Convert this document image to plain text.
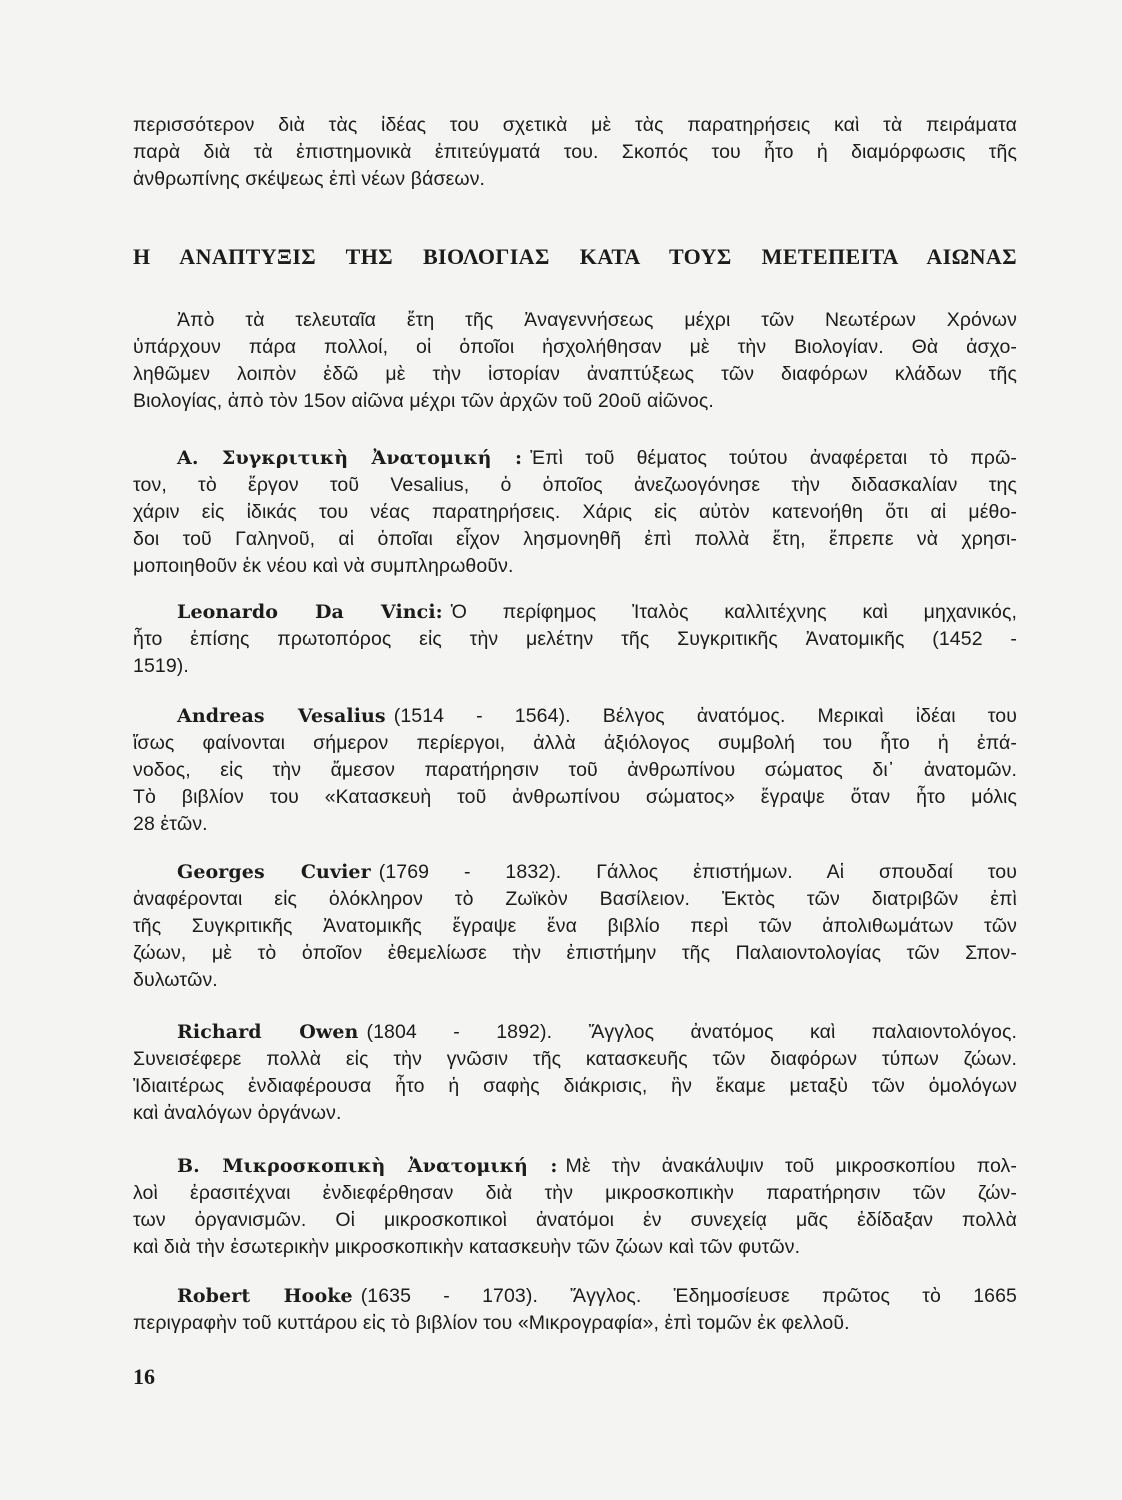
Η ΑΝΑΠΤΥΞΙΣ ΤΗΣ ΒΙΟΛΟΓΙΑΣ ΚΑΤΑ ΤΟΥΣ ΜΕΤΕΠΕΙΤΑ ΑΙΩΝΑΣ
περισσότερον διὰ τὰς ἰδέας του σχετικὰ μὲ τὰς παρατηρήσεις καὶ τὰ πειράματα
παρὰ διὰ τὰ ἐπιστημονικὰ ἐπιτεύγματά του. Σκοπός του ἦτο ἡ διαμόρφωσις τῆς
ἀνθρωπίνης σκέψεως ἐπὶ νέων βάσεων.
Ἀπὸ τὰ τελευταῖα ἔτη τῆς Ἀναγεννήσεως μέχρι τῶν Νεωτέρων Χρόνων
ὑπάρχουν πάρα πολλοί, οἱ ὁποῖοι ἠσχολήθησαν μὲ τὴν Βιολογίαν. Θὰ ἀσχο-
ληθῶμεν λοιπὸν ἐδῶ μὲ τὴν ἱστορίαν ἀναπτύξεως τῶν διαφόρων κλάδων τῆς
Βιολογίας, ἀπὸ τὸν 15ον αἰῶνα μέχρι τῶν ἀρχῶν τοῦ 20οῦ αἰῶνος.
Α. Συγκριτικὴ Ἀνατομική : Ἐπὶ τοῦ θέματος τούτου ἀναφέρεται τὸ πρῶ-
τον, τὸ ἔργον τοῦ Vesalius, ὁ ὁποῖος ἀνεζωογόνησε τὴν διδασκαλίαν της
χάριν εἰς ἰδικάς του νέας παρατηρήσεις. Χάρις εἰς αὐτὸν κατενοήθη ὅτι αἱ μέθο-
δοι τοῦ Γαληνοῦ, αἱ ὁποῖαι εἶχον λησμονηθῆ ἐπὶ πολλὰ ἔτη, ἔπρεπε νὰ χρησι-
μοποιηθοῦν ἐκ νέου καὶ νὰ συμπληρωθοῦν.
Leonardo Da Vinci: Ὁ περίφημος Ἰταλὸς καλλιτέχνης καὶ μηχανικός,
ἦτο ἐπίσης πρωτοπόρος εἰς τὴν μελέτην τῆς Συγκριτικῆς Ἀνατομικῆς (1452 -
1519).
Andreas Vesalius (1514 - 1564). Βέλγος ἀνατόμος. Μερικαὶ ἰδέαι του
ἴσως φαίνονται σήμερον περίεργοι, ἀλλὰ ἀξιόλογος συμβολή του ἦτο ἡ ἐπά-
νοδος, εἰς τὴν ἄμεσον παρατήρησιν τοῦ ἀνθρωπίνου σώματος δι᾽ ἀνατομῶν.
Τὸ βιβλίον του «Κατασκευὴ τοῦ ἀνθρωπίνου σώματος» ἔγραψε ὅταν ἦτο μόλις
28 ἐτῶν.
Georges Cuvier (1769 - 1832). Γάλλος ἐπιστήμων. Αἱ σπουδαί του
ἀναφέρονται εἰς ὁλόκληρον τὸ Ζωϊκὸν Βασίλειον. Ἐκτὸς τῶν διατριβῶν ἐπὶ
τῆς Συγκριτικῆς Ἀνατομικῆς ἔγραψε ἕνα βιβλίο περὶ τῶν ἀπολιθωμάτων τῶν
ζώων, μὲ τὸ ὁποῖον ἐθεμελίωσε τὴν ἐπιστήμην τῆς Παλαιοντολογίας τῶν Σπον-
δυλωτῶν.
Richard Owen (1804 - 1892). Ἄγγλος ἀνατόμος καὶ παλαιοντολόγος.
Συνεισέφερε πολλὰ εἰς τὴν γνῶσιν τῆς κατασκευῆς τῶν διαφόρων τύπων ζώων.
Ἰδιαιτέρως ἐνδιαφέρουσα ἦτο ἡ σαφὴς διάκρισις, ἣν ἔκαμε μεταξὺ τῶν ὁμολόγων
καὶ ἀναλόγων ὀργάνων.
Β. Μικροσκοπικὴ Ἀνατομική : Μὲ τὴν ἀνακάλυψιν τοῦ μικροσκοπίου πολ-
λοὶ ἐρασιτέχναι ἐνδιεφέρθησαν διὰ τὴν μικροσκοπικὴν παρατήρησιν τῶν ζών-
των ὀργανισμῶν. Οἱ μικροσκοπικοὶ ἀνατόμοι ἐν συνεχείᾳ μᾶς ἐδίδαξαν πολλὰ
καὶ διὰ τὴν ἐσωτερικὴν μικροσκοπικὴν κατασκευὴν τῶν ζώων καὶ τῶν φυτῶν.
Robert Hooke (1635 - 1703). Ἄγγλος. Ἐδημοσίευσε πρῶτος τὸ 1665
περιγραφὴν τοῦ κυττάρου εἰς τὸ βιβλίον του «Μικρογραφία», ἐπὶ τομῶν ἐκ φελλοῦ.
16
